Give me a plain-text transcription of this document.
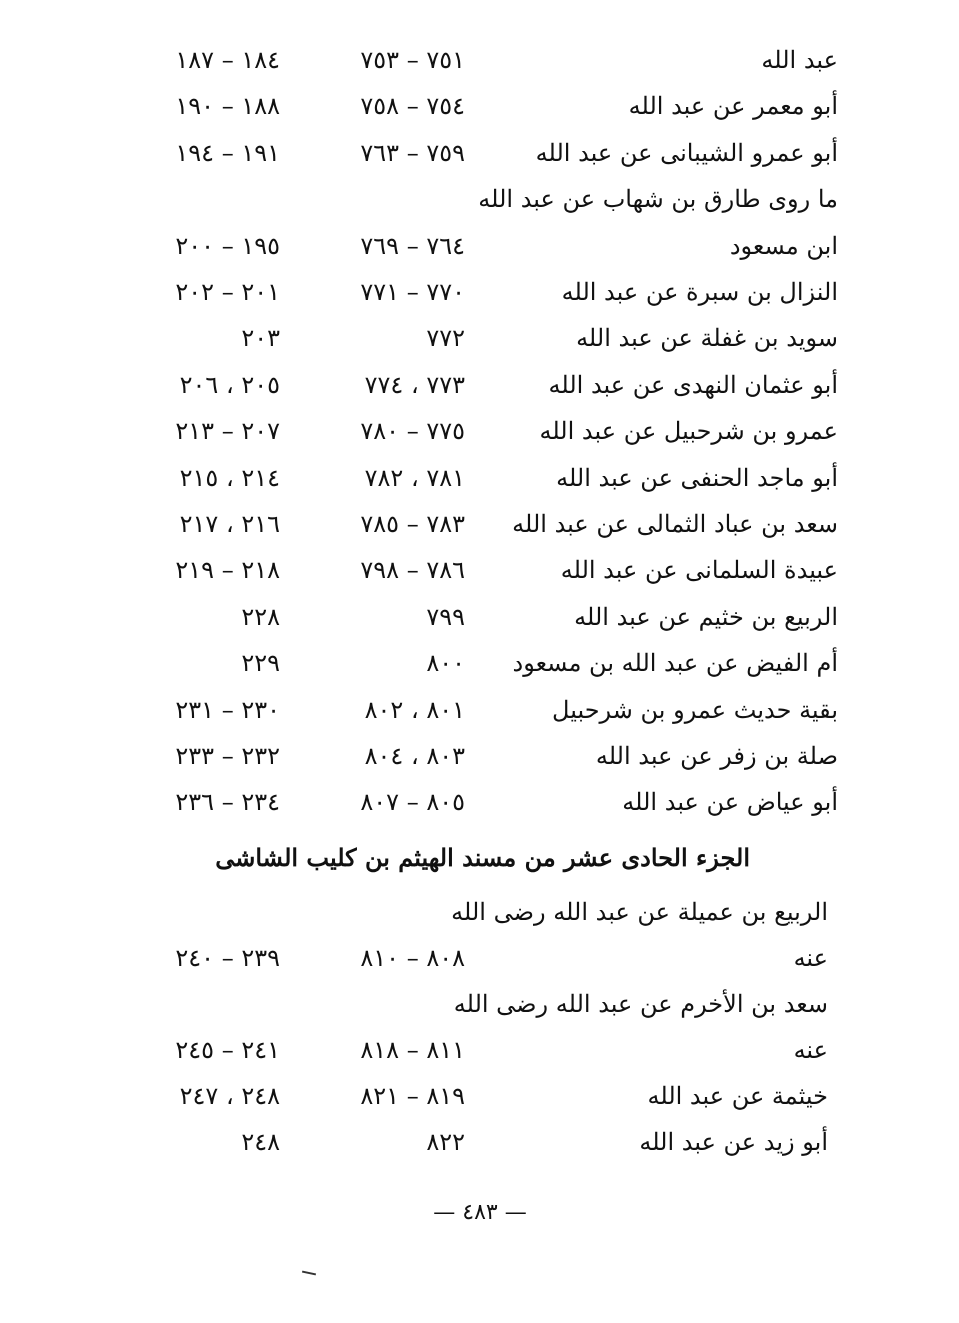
عبد الله
٧٥١ – ٧٥٣
١٨٤ – ١٨٧
أبو معمر عن عبد الله
٧٥٤ – ٧٥٨
١٨٨ – ١٩٠
أبو عمرو الشيبانى عن عبد الله
٧٥٩ – ٧٦٣
١٩١ – ١٩٤
ما روى طارق بن شهاب عن عبد الله
ابن مسعود
٧٦٤ – ٧٦٩
١٩٥ – ٢٠٠
النزال بن سبرة عن عبد الله
٧٧٠ – ٧٧١
٢٠١ – ٢٠٢
سويد بن غفلة عن عبد الله
٧٧٢
٢٠٣
أبو عثمان النهدى عن عبد الله
٧٧٣ ، ٧٧٤
٢٠٥ ، ٢٠٦
عمرو بن شرحبيل عن عبد الله
٧٧٥ – ٧٨٠
٢٠٧ – ٢١٣
أبو ماجد الحنفى عن عبد الله
٧٨١ ، ٧٨٢
٢١٤ ، ٢١٥
سعد بن عباد الثمالى عن عبد الله
٧٨٣ – ٧٨٥
٢١٦ ، ٢١٧
عبيدة السلمانى عن عبد الله
٧٨٦ – ٧٩٨
٢١٨ – ٢١٩
الربيع بن خثيم عن عبد الله
٧٩٩
٢٢٨
أم الفيض عن عبد الله بن مسعود
٨٠٠
٢٢٩
بقية حديث عمرو بن شرحبيل
٨٠١ ، ٨٠٢
٢٣٠ – ٢٣١
صلة بن زفر عن عبد الله
٨٠٣ ، ٨٠٤
٢٣٢ – ٢٣٣
أبو عياض عن عبد الله
٨٠٥ – ٨٠٧
٢٣٤ – ٢٣٦
الجزء الحادى عشر من مسند الهيثم بن كليب الشاشى
الربيع بن عميلة عن عبد الله رضى الله
عنه
٨٠٨ – ٨١٠
٢٣٩ – ٢٤٠
سعد بن الأخرم عن عبد الله رضى الله
عنه
٨١١ – ٨١٨
٢٤١ – ٢٤٥
خيثمة عن عبد الله
٨١٩ – ٨٢١
٢٤٨ ، ٢٤٧
أبو زيد عن عبد الله
٨٢٢
٢٤٨
— ٤٨٣ —
